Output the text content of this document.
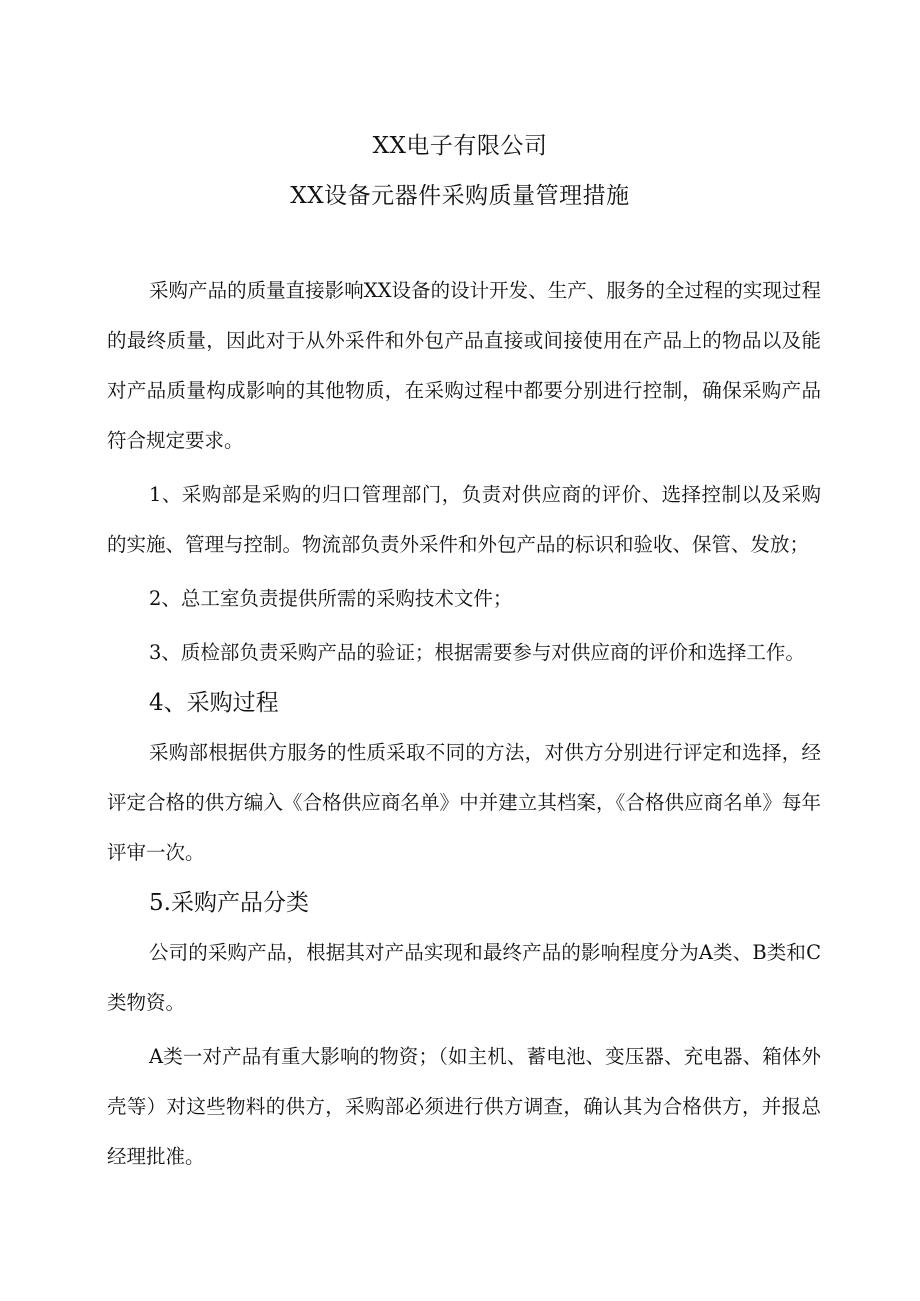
XX电子有限公司
XX设备元器件采购质量管理措施

采购产品的质量直接影响XX设备的设计开发、生产、服务的全过程的实现过程的最终质量，因此对于从外采件和外包产品直接或间接使用在产品上的物品以及能对产品质量构成影响的其他物质，在采购过程中都要分别进行控制，确保采购产品符合规定要求。

1、采购部是采购的归口管理部门，负责对供应商的评价、选择控制以及采购的实施、管理与控制。物流部负责外采件和外包产品的标识和验收、保管、发放；

2、总工室负责提供所需的采购技术文件；

3、质检部负责采购产品的验证；根据需要参与对供应商的评价和选择工作。

4、采购过程

采购部根据供方服务的性质采取不同的方法，对供方分别进行评定和选择，经评定合格的供方编入《合格供应商名单》中并建立其档案，《合格供应商名单》每年评审一次。

5.采购产品分类

公司的采购产品，根据其对产品实现和最终产品的影响程度分为A类、B类和C类物资。

A类一对产品有重大影响的物资；（如主机、蓄电池、变压器、充电器、箱体外壳等）对这些物料的供方，采购部必须进行供方调查，确认其为合格供方，并报总经理批准。
